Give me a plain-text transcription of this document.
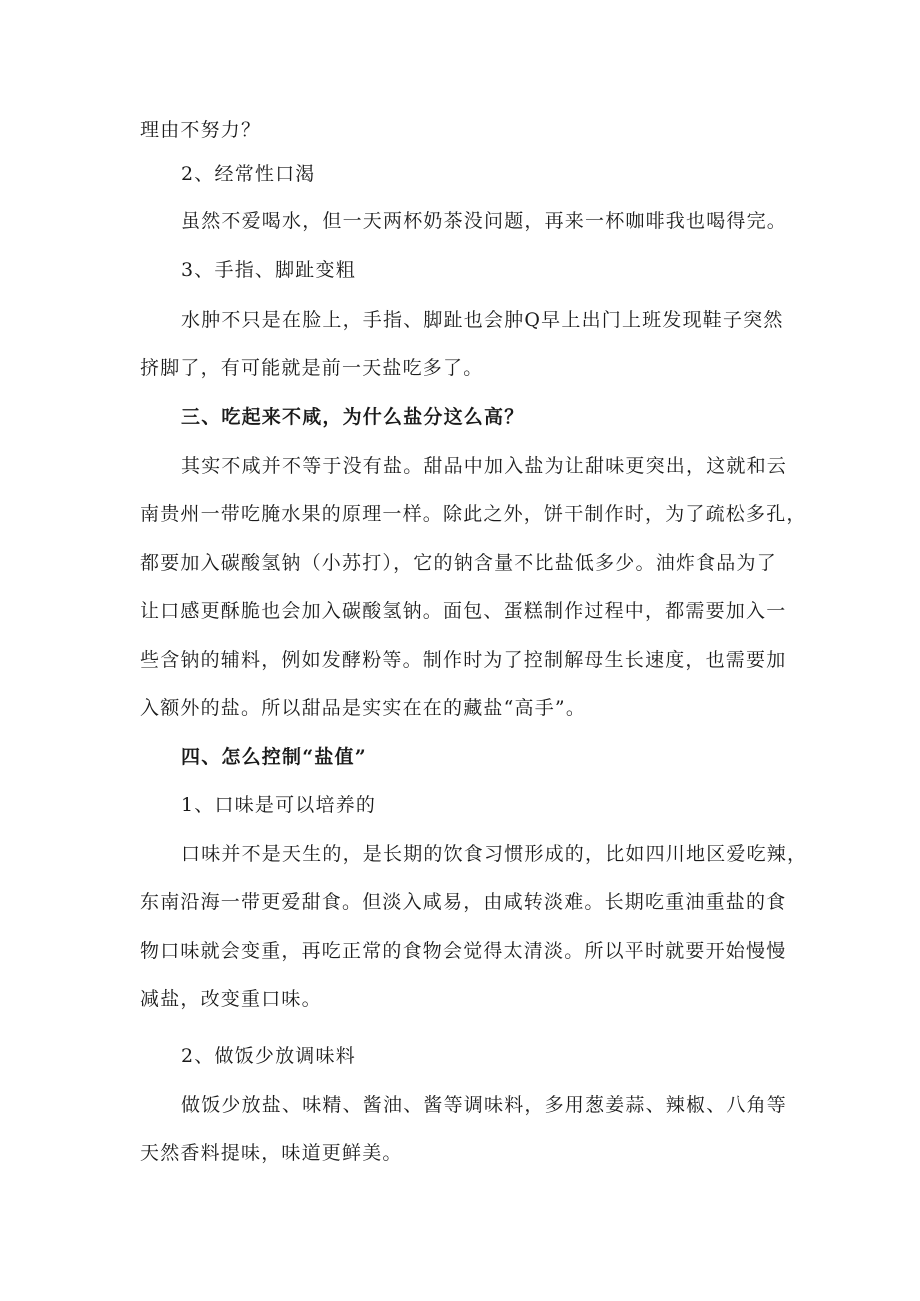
理由不努力？
2、经常性口渴
虽然不爱喝水，但一天两杯奶茶没问题，再来一杯咖啡我也喝得完。
3、手指、脚趾变粗
水肿不只是在脸上，手指、脚趾也会肿Q早上出门上班发现鞋子突然
挤脚了，有可能就是前一天盐吃多了。
三、吃起来不咸，为什么盐分这么高？
其实不咸并不等于没有盐。甜品中加入盐为让甜味更突出，这就和云
南贵州一带吃腌水果的原理一样。除此之外，饼干制作时，为了疏松多孔，
都要加入碳酸氢钠（小苏打），它的钠含量不比盐低多少。油炸食品为了
让口感更酥脆也会加入碳酸氢钠。面包、蛋糕制作过程中，都需要加入一
些含钠的辅料，例如发酵粉等。制作时为了控制解母生长速度，也需要加
入额外的盐。所以甜品是实实在在的藏盐“高手”。
四、怎么控制“盐值”
1、口味是可以培养的
口味并不是天生的，是长期的饮食习惯形成的，比如四川地区爱吃辣，
东南沿海一带更爱甜食。但淡入咸易，由咸转淡难。长期吃重油重盐的食
物口味就会变重，再吃正常的食物会觉得太清淡。所以平时就要开始慢慢
减盐，改变重口味。
2、做饭少放调味料
做饭少放盐、味精、酱油、酱等调味料，多用葱姜蒜、辣椒、八角等
天然香料提味，味道更鲜美。
